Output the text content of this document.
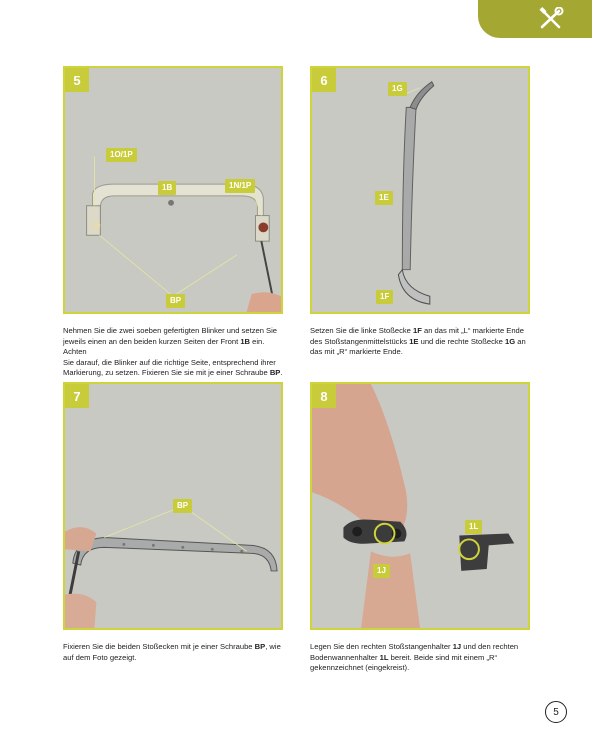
5
1O/1P
1B	1N/1P
BP
Nehmen Sie die zwei soeben gefertigten Blinker und setzen Sie
jeweils einen an den beiden kurzen Seiten der Front 1B ein. Achten
Sie darauf, die Blinker auf die richtige Seite, entsprechend ihrer
Markierung, zu setzen. Fixieren Sie sie mit je einer Schraube BP.
6
1G
1E
1F
Setzen Sie die linke Stoßecke 1F an das mit „L“ markierte Ende
des Stoßstangenmittelstücks 1E und die rechte Stoßecke 1G an
das mit „R“ markierte Ende.
7
BP
Fixieren Sie die beiden Stoßecken mit je einer Schraube BP, wie
auf dem Foto gezeigt.
8
1L
1J
Legen Sie den rechten Stoßstangenhalter 1J und den rechten
Bodenwannenhalter 1L bereit. Beide sind mit einem „R“
gekennzeichnet (eingekreist).
5
